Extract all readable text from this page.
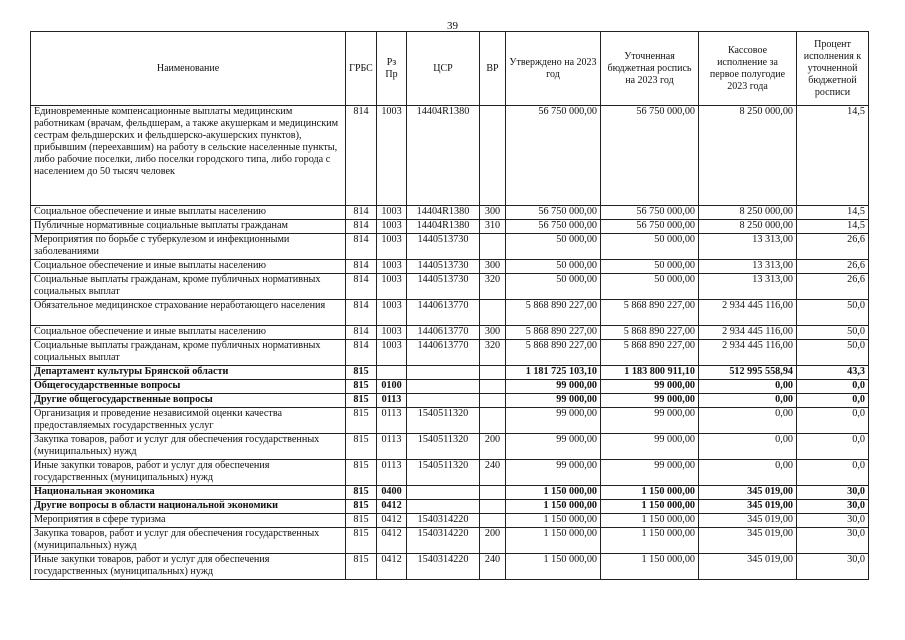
39
Наименование	ГРБС	Рз Пр	ЦСР	ВР	Утверждено на 2023 год	Уточненная бюджетная роспись на 2023 год	Кассовое исполнение за первое полугодие 2023 года	Процент исполнения к уточненной бюджетной росписи
Единовременные компенсационные выплаты медицинским работникам (врачам, фельдшерам, а также акушеркам и медицинским сестрам фельдшерских и фельдшерско-акушерских пунктов), прибывшим (переехавшим) на работу в сельские населенные пункты, либо рабочие поселки, либо поселки городского типа, либо города с населением до 50 тысяч человек	814	1003	14404R1380		56 750 000,00	56 750 000,00	8 250 000,00	14,5
Социальное обеспечение и иные выплаты населению	814	1003	14404R1380	300	56 750 000,00	56 750 000,00	8 250 000,00	14,5
Публичные нормативные социальные выплаты гражданам	814	1003	14404R1380	310	56 750 000,00	56 750 000,00	8 250 000,00	14,5
Мероприятия по борьбе с туберкулезом и инфекционными заболеваниями	814	1003	1440513730		50 000,00	50 000,00	13 313,00	26,6
Социальное обеспечение и иные выплаты населению	814	1003	1440513730	300	50 000,00	50 000,00	13 313,00	26,6
Социальные выплаты гражданам, кроме публичных нормативных социальных выплат	814	1003	1440513730	320	50 000,00	50 000,00	13 313,00	26,6
Обязательное медицинское страхование неработающего населения	814	1003	1440613770		5 868 890 227,00	5 868 890 227,00	2 934 445 116,00	50,0
Социальное обеспечение и иные выплаты населению	814	1003	1440613770	300	5 868 890 227,00	5 868 890 227,00	2 934 445 116,00	50,0
Социальные выплаты гражданам, кроме публичных нормативных социальных выплат	814	1003	1440613770	320	5 868 890 227,00	5 868 890 227,00	2 934 445 116,00	50,0
Департамент культуры Брянской области	815				1 181 725 103,10	1 183 800 911,10	512 995 558,94	43,3
Общегосударственные вопросы	815	0100			99 000,00	99 000,00	0,00	0,0
Другие общегосударственные вопросы	815	0113			99 000,00	99 000,00	0,00	0,0
Организация и проведение независимой оценки качества предоставляемых государственных услуг	815	0113	1540511320		99 000,00	99 000,00	0,00	0,0
Закупка товаров, работ и услуг для обеспечения государственных (муниципальных) нужд	815	0113	1540511320	200	99 000,00	99 000,00	0,00	0,0
Иные закупки товаров, работ и услуг для обеспечения государственных (муниципальных) нужд	815	0113	1540511320	240	99 000,00	99 000,00	0,00	0,0
Национальная экономика	815	0400			1 150 000,00	1 150 000,00	345 019,00	30,0
Другие вопросы в области национальной экономики	815	0412			1 150 000,00	1 150 000,00	345 019,00	30,0
Мероприятия в сфере туризма	815	0412	1540314220		1 150 000,00	1 150 000,00	345 019,00	30,0
Закупка товаров, работ и услуг для обеспечения государственных (муниципальных) нужд	815	0412	1540314220	200	1 150 000,00	1 150 000,00	345 019,00	30,0
Иные закупки товаров, работ и услуг для обеспечения государственных (муниципальных) нужд	815	0412	1540314220	240	1 150 000,00	1 150 000,00	345 019,00	30,0
